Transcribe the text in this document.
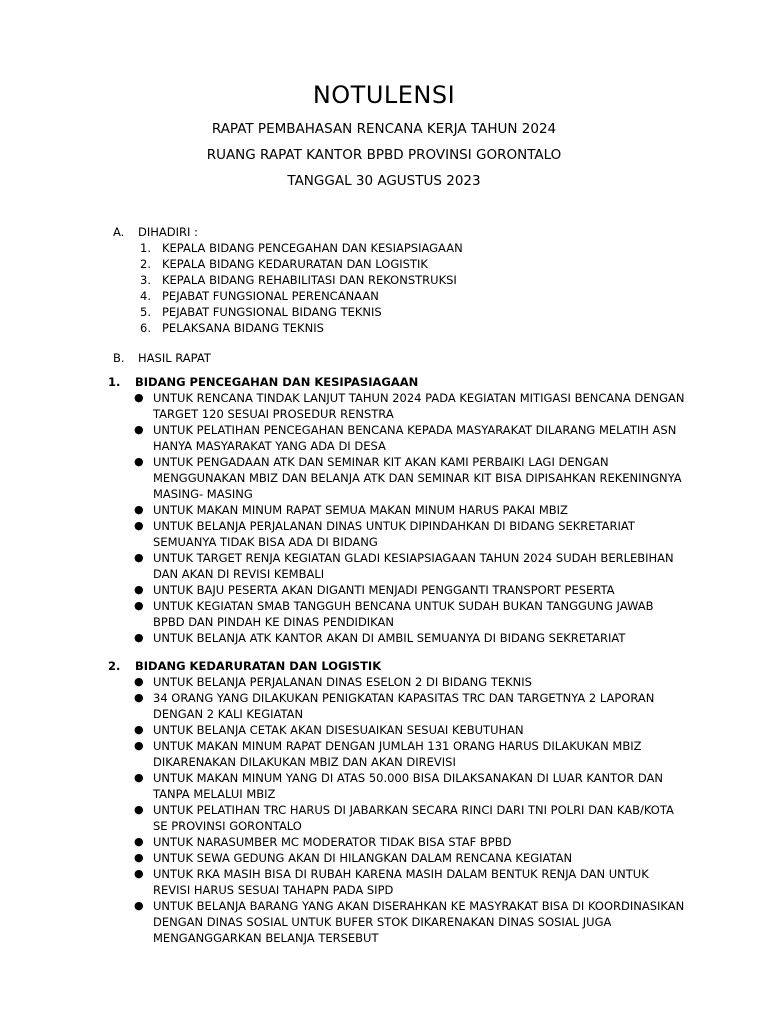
NOTULENSI
RAPAT PEMBAHASAN RENCANA KERJA TAHUN 2024
RUANG RAPAT KANTOR BPBD PROVINSI GORONTALO
TANGGAL 30 AGUSTUS 2023
A. DIHADIRI :
1. KEPALA BIDANG PENCEGAHAN DAN KESIAPSIAGAAN
2. KEPALA BIDANG KEDARURATAN DAN LOGISTIK
3. KEPALA BIDANG REHABILITASI DAN REKONSTRUKSI
4. PEJABAT FUNGSIONAL PERENCANAAN
5. PEJABAT FUNGSIONAL BIDANG TEKNIS
6. PELAKSANA BIDANG TEKNIS
B. HASIL RAPAT
1. BIDANG PENCEGAHAN DAN KESIPASIAGAAN
● UNTUK RENCANA TINDAK LANJUT TAHUN 2024 PADA KEGIATAN MITIGASI BENCANA DENGAN TARGET 120 SESUAI PROSEDUR RENSTRA
● UNTUK PELATIHAN PENCEGAHAN BENCANA KEPADA MASYARAKAT DILARANG MELATIH ASN HANYA MASYARAKAT YANG ADA DI DESA
● UNTUK PENGADAAN ATK DAN SEMINAR KIT AKAN KAMI PERBAIKI LAGI DENGAN MENGGUNAKAN MBIZ DAN BELANJA ATK DAN SEMINAR KIT BISA DIPISAHKAN REKENINGNYA MASING- MASING
● UNTUK MAKAN MINUM RAPAT SEMUA MAKAN MINUM HARUS PAKAI MBIZ
● UNTUK BELANJA PERJALANAN DINAS UNTUK DIPINDAHKAN DI BIDANG SEKRETARIAT SEMUANYA TIDAK BISA ADA DI BIDANG
● UNTUK TARGET RENJA KEGIATAN GLADI KESIAPSIAGAAN TAHUN 2024 SUDAH BERLEBIHAN DAN AKAN DI REVISI KEMBALI
● UNTUK BAJU PESERTA AKAN DIGANTI MENJADI PENGGANTI TRANSPORT PESERTA
● UNTUK KEGIATAN SMAB TANGGUH BENCANA UNTUK SUDAH BUKAN TANGGUNG JAWAB BPBD DAN PINDAH KE DINAS PENDIDIKAN
● UNTUK BELANJA ATK KANTOR AKAN DI AMBIL SEMUANYA DI BIDANG SEKRETARIAT
2. BIDANG KEDARURATAN DAN LOGISTIK
● UNTUK BELANJA PERJALANAN DINAS ESELON 2 DI BIDANG TEKNIS
● 34 ORANG YANG DILAKUKAN PENIGKATAN KAPASITAS TRC DAN TARGETNYA 2 LAPORAN DENGAN 2 KALI KEGIATAN
● UNTUK BELANJA CETAK AKAN DISESUAIKAN SESUAI KEBUTUHAN
● UNTUK MAKAN MINUM RAPAT DENGAN JUMLAH 131 ORANG HARUS DILAKUKAN MBIZ DIKARENAKAN DILAKUKAN MBIZ DAN AKAN DIREVISI
● UNTUK MAKAN MINUM YANG DI ATAS 50.000 BISA DILAKSANAKAN DI LUAR KANTOR DAN TANPA MELALUI MBIZ
● UNTUK PELATIHAN TRC HARUS DI JABARKAN SECARA RINCI DARI TNI POLRI DAN KAB/KOTA SE PROVINSI GORONTALO
● UNTUK NARASUMBER MC MODERATOR TIDAK BISA STAF BPBD
● UNTUK SEWA GEDUNG AKAN DI HILANGKAN DALAM RENCANA KEGIATAN
● UNTUK RKA MASIH BISA DI RUBAH KARENA MASIH DALAM BENTUK RENJA DAN UNTUK REVISI HARUS SESUAI TAHAPN PADA SIPD
● UNTUK BELANJA BARANG YANG AKAN DISERAHKAN KE MASYRAKAT BISA DI KOORDINASIKAN DENGAN DINAS SOSIAL UNTUK BUFER STOK DIKARENAKAN DINAS SOSIAL JUGA MENGANGGARKAN BELANJA TERSEBUT
